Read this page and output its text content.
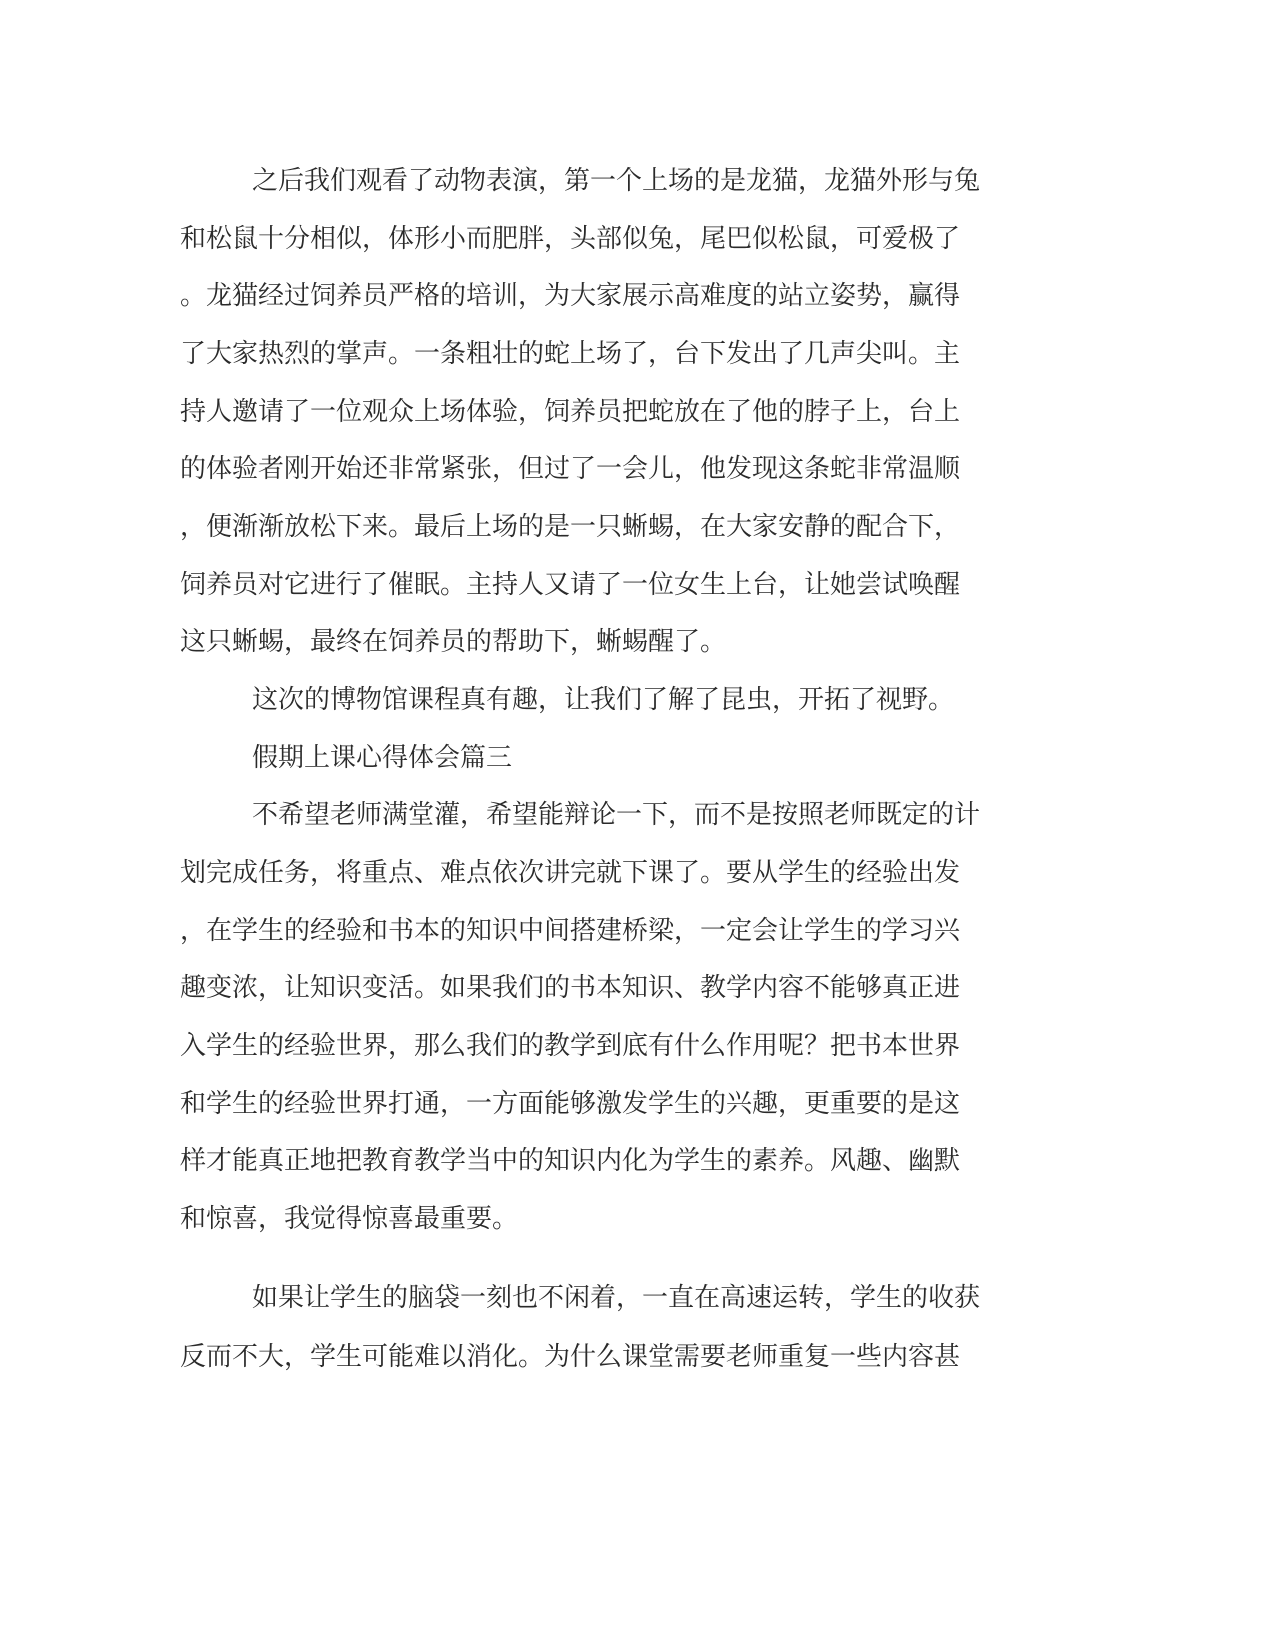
之后我们观看了动物表演，第一个上场的是龙猫，龙猫外形与兔
和松鼠十分相似，体形小而肥胖，头部似兔，尾巴似松鼠，可爱极了
。龙猫经过饲养员严格的培训，为大家展示高难度的站立姿势，赢得
了大家热烈的掌声。一条粗壮的蛇上场了，台下发出了几声尖叫。主
持人邀请了一位观众上场体验，饲养员把蛇放在了他的脖子上，台上
的体验者刚开始还非常紧张，但过了一会儿，他发现这条蛇非常温顺
，便渐渐放松下来。最后上场的是一只蜥蜴，在大家安静的配合下，
饲养员对它进行了催眠。主持人又请了一位女生上台，让她尝试唤醒
这只蜥蜴，最终在饲养员的帮助下，蜥蜴醒了。
这次的博物馆课程真有趣，让我们了解了昆虫，开拓了视野。
假期上课心得体会篇三
不希望老师满堂灌，希望能辩论一下，而不是按照老师既定的计
划完成任务，将重点、难点依次讲完就下课了。要从学生的经验出发
，在学生的经验和书本的知识中间搭建桥梁，一定会让学生的学习兴
趣变浓，让知识变活。如果我们的书本知识、教学内容不能够真正进
入学生的经验世界，那么我们的教学到底有什么作用呢？把书本世界
和学生的经验世界打通，一方面能够激发学生的兴趣，更重要的是这
样才能真正地把教育教学当中的知识内化为学生的素养。风趣、幽默
和惊喜，我觉得惊喜最重要。
如果让学生的脑袋一刻也不闲着，一直在高速运转，学生的收获
反而不大，学生可能难以消化。为什么课堂需要老师重复一些内容甚
